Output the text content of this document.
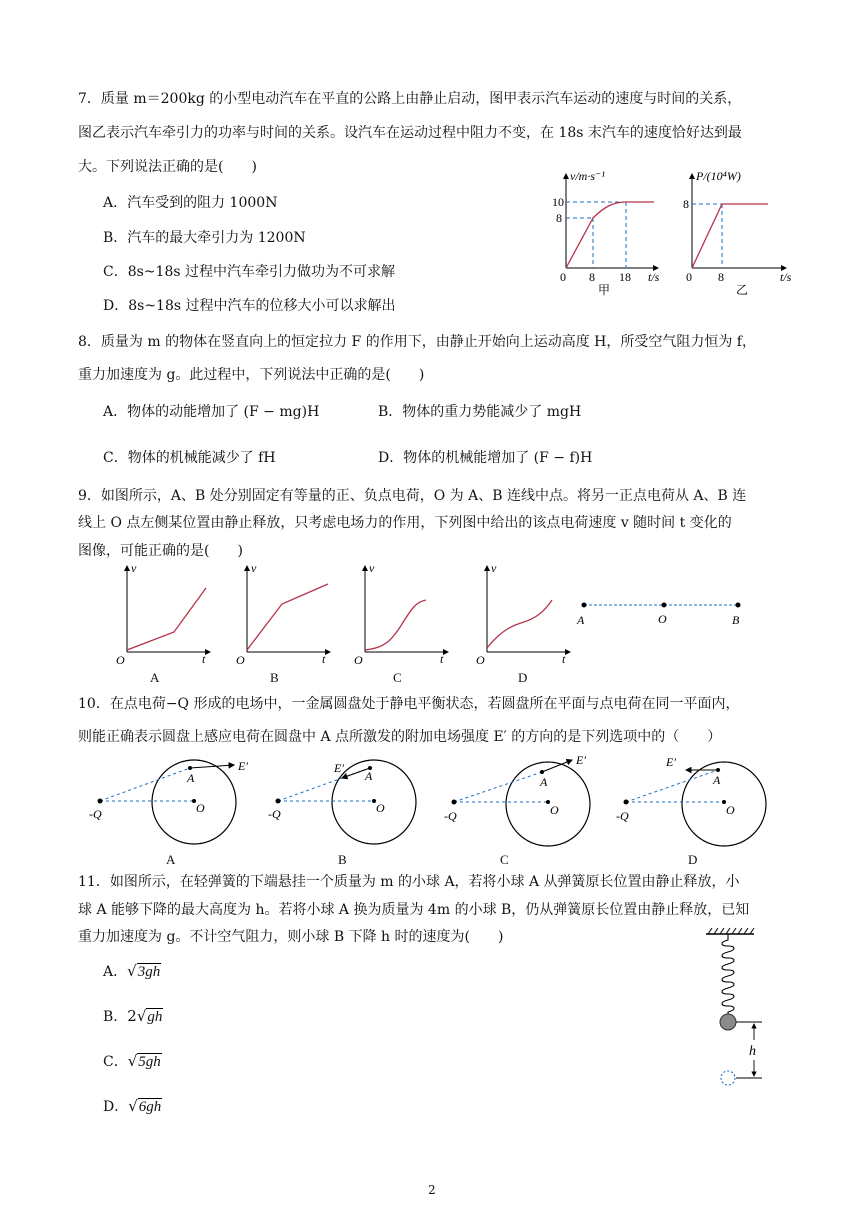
7．质量 m＝200kg 的小型电动汽车在平直的公路上由静止启动，图甲表示汽车运动的速度与时间的关系，
图乙表示汽车牵引力的功率与时间的关系。设汽车在运动过程中阻力不变，在 18s 末汽车的速度恰好达到最
大。下列说法正确的是(　　)
A．汽车受到的阻力 1000N
B．汽车的最大牵引力为 1200N
C．8s~18s 过程中汽车牵引力做功为不可求解
D．8s~18s 过程中汽车的位移大小可以求解出
v/m·s⁻¹
10
8
0 8 18 t/s
甲
P/(10⁴W)
8
0 8	t/s
乙
8．质量为 m 的物体在竖直向上的恒定拉力 F 的作用下，由静止开始向上运动高度 H，所受空气阻力恒为 f，
重力加速度为 g。此过程中，下列说法中正确的是(　　)
A．物体的动能增加了 (F − mg)H	B．物体的重力势能减少了 mgH
C．物体的机械能减少了 fH	D．物体的机械能增加了 (F − f)H
9．如图所示，A、B 处分别固定有等量的正、负点电荷，O 为 A、B 连线中点。将另一正点电荷从 A、B 连
线上 O 点左侧某位置由静止释放，只考虑电场力的作用，下列图中给出的该点电荷速度 v 随时间 t 变化的
图像，可能正确的是(　　)
v
O	t
v
O	t
v
O	t
v
O	t
A	B	C	D
A	O	B
10．在点电荷−Q 形成的电场中，一金属圆盘处于静电平衡状态，若圆盘所在平面与点电荷在同一平面内，
则能正确表示圆盘上感应电荷在圆盘中 A 点所激发的附加电场强度 E′ 的方向的是下列选项中的（　　）
-Q
A
O
E′
-Q
A
O
E′
-Q
A
O
E′
-Q
A
O
E′
A	B	C	D
11．如图所示，在轻弹簧的下端悬挂一个质量为 m 的小球 A，若将小球 A 从弹簧原长位置由静止释放，小
球 A 能够下降的最大高度为 h。若将小球 A 换为质量为 4m 的小球 B，仍从弹簧原长位置由静止释放，已知
重力加速度为 g。不计空气阻力，则小球 B 下降 h 时的速度为(　　)
A．√3gh
B．2√gh
C．√5gh
D．√6gh
h
2
